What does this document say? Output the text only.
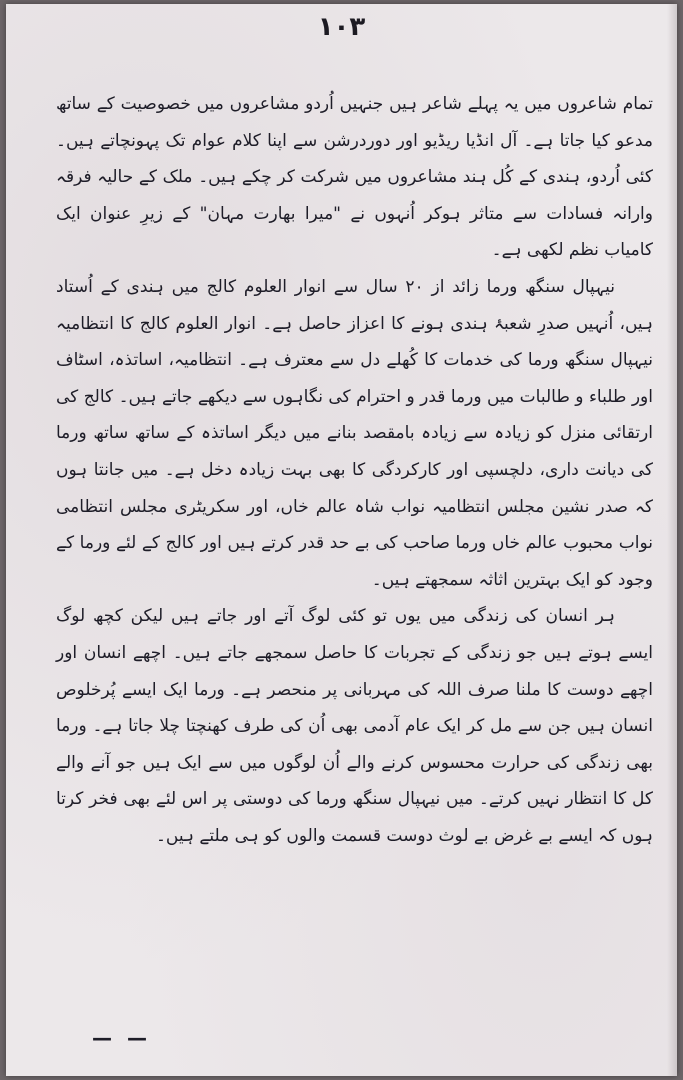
۱۰۳

تمام شاعروں میں یہ پہلے شاعر ہیں جنہیں اُردو مشاعروں میں خصوصیت کے ساتھ مدعو کیا جاتا ہے۔ آل انڈیا ریڈیو اور دوردرشن سے اپنا کلام عوام تک پہونچاتے ہیں۔ کئی اُردو، ہندی کے کُل ہند مشاعروں میں شرکت کر چکے ہیں۔ ملک کے حالیہ فرقہ وارانہ فسادات سے متاثر ہوکر اُنہوں نے "میرا بھارت مہان" کے زیرِ عنوان ایک کامیاب نظم لکھی ہے۔

نیہپال سنگھ ورما زائد از ۲۰ سال سے انوار العلوم کالج میں ہندی کے اُستاد ہیں، اُنہیں صدرِ شعبۂ ہندی ہونے کا اعزاز حاصل ہے۔ انوار العلوم کالج کا انتظامیہ نیہپال سنگھ ورما کی خدمات کا کُھلے دل سے معترف ہے۔ انتظامیہ، اساتذہ، اسٹاف اور طلباء و طالبات میں ورما قدر و احترام کی نگاہوں سے دیکھے جاتے ہیں۔ کالج کی ارتقائی منزل کو زیادہ سے زیادہ بامقصد بنانے میں دیگر اساتذہ کے ساتھ ساتھ ورما کی دیانت داری، دلچسپی اور کارکردگی کا بھی بہت زیادہ دخل ہے۔ میں جانتا ہوں کہ صدر نشین مجلس انتظامیہ نواب شاہ عالم خاں، اور سکریٹری مجلس انتظامی نواب محبوب عالم خاں ورما صاحب کی بے حد قدر کرتے ہیں اور کالج کے لئے ورما کے وجود کو ایک بہترین اثاثہ سمجھتے ہیں۔

ہر انسان کی زندگی میں یوں تو کئی لوگ آتے اور جاتے ہیں لیکن کچھ لوگ ایسے ہوتے ہیں جو زندگی کے تجربات کا حاصل سمجھے جاتے ہیں۔ اچھے انسان اور اچھے دوست کا ملنا صرف اللہ کی مہربانی پر منحصر ہے۔ ورما ایک ایسے پُرخلوص انسان ہیں جن سے مل کر ایک عام آدمی بھی اُن کی طرف کھنچتا چلا جاتا ہے۔ ورما بھی زندگی کی حرارت محسوس کرنے والے اُن لوگوں میں سے ایک ہیں جو آنے والے کل کا انتظار نہیں کرتے۔ میں نیہپال سنگھ ورما کی دوستی پر اس لئے بھی فخر کرتا ہوں کہ ایسے بے غرض بے لوث دوست قسمت والوں کو ہی ملتے ہیں۔

— —
